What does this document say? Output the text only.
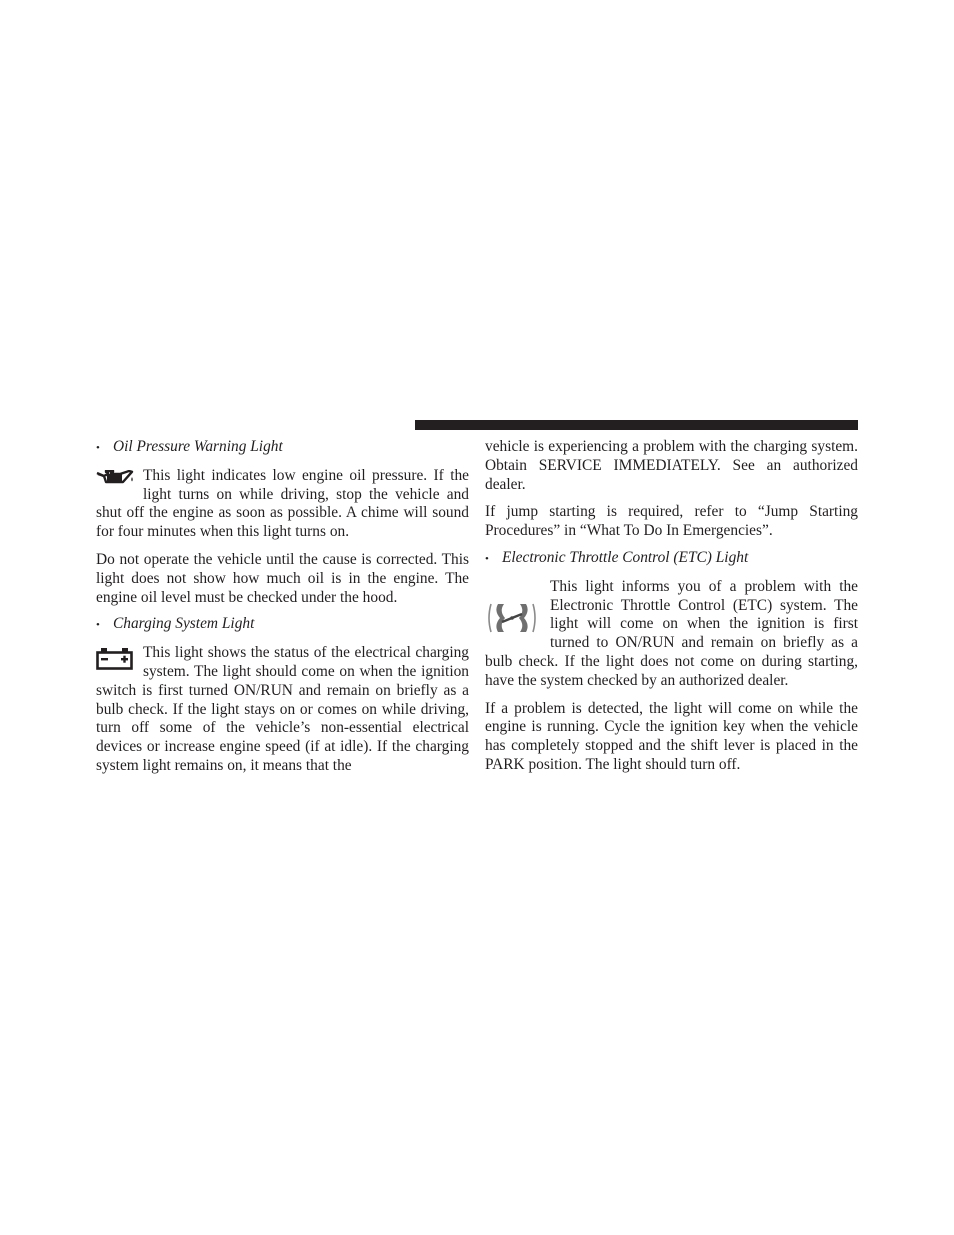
• Oil Pressure Warning Light

This light indicates low engine oil pressure. If the light turns on while driving, stop the vehicle and shut off the engine as soon as possible. A chime will sound for four minutes when this light turns on.

Do not operate the vehicle until the cause is corrected. This light does not show how much oil is in the engine. The engine oil level must be checked under the hood.

• Charging System Light

This light shows the status of the electrical charging system. The light should come on when the ignition switch is first turned ON/RUN and remain on briefly as a bulb check. If the light stays on or comes on while driving, turn off some of the vehicle’s non-essential electrical devices or increase engine speed (if at idle). If the charging system light remains on, it means that the

vehicle is experiencing a problem with the charging system. Obtain SERVICE IMMEDIATELY. See an authorized dealer.

If jump starting is required, refer to “Jump Starting Procedures” in “What To Do In Emergencies”.

• Electronic Throttle Control (ETC) Light

This light informs you of a problem with the Electronic Throttle Control (ETC) system. The light will come on when the ignition is first turned to ON/RUN and remain on briefly as a bulb check. If the light does not come on during starting, have the system checked by an authorized dealer.

If a problem is detected, the light will come on while the engine is running. Cycle the ignition key when the vehicle has completely stopped and the shift lever is placed in the PARK position. The light should turn off.
